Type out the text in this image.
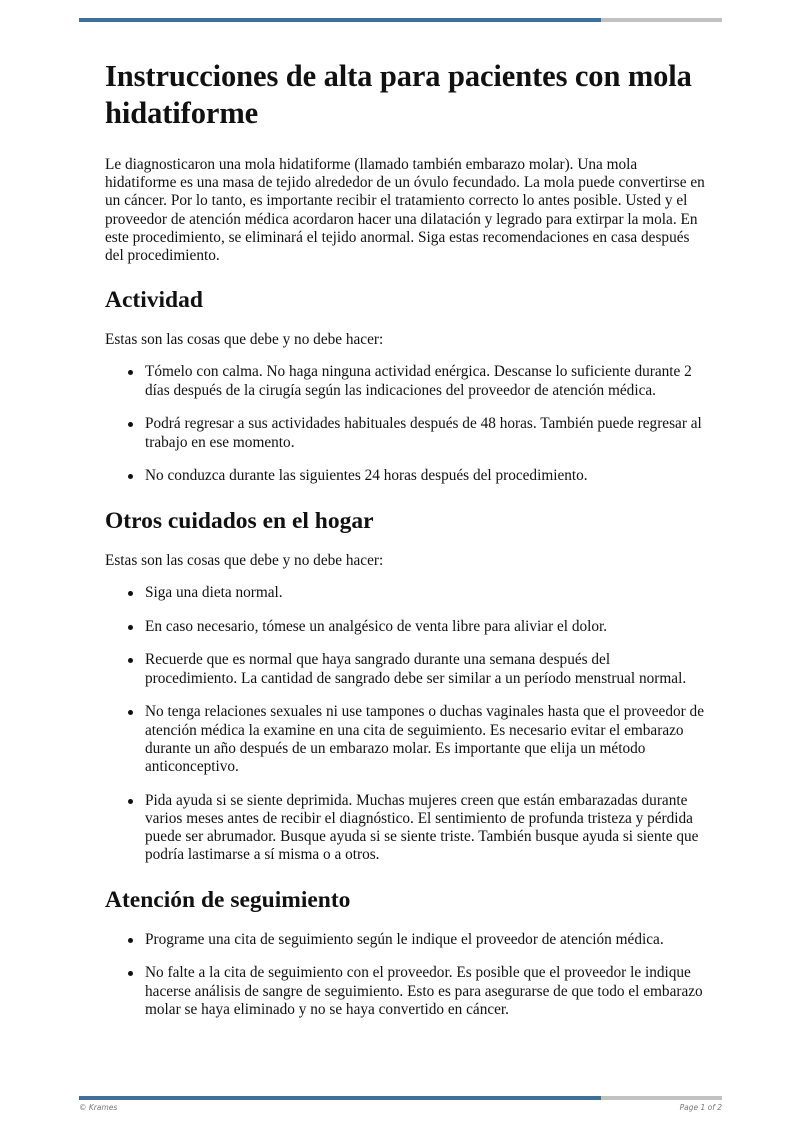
Instrucciones de alta para pacientes con mola hidatiforme

Le diagnosticaron una mola hidatiforme (llamado también embarazo molar). Una mola hidatiforme es una masa de tejido alrededor de un óvulo fecundado. La mola puede convertirse en un cáncer. Por lo tanto, es importante recibir el tratamiento correcto lo antes posible. Usted y el proveedor de atención médica acordaron hacer una dilatación y legrado para extirpar la mola. En este procedimiento, se eliminará el tejido anormal. Siga estas recomendaciones en casa después del procedimiento.

Actividad

Estas son las cosas que debe y no debe hacer:

Tómelo con calma. No haga ninguna actividad enérgica. Descanse lo suficiente durante 2 días después de la cirugía según las indicaciones del proveedor de atención médica.
Podrá regresar a sus actividades habituales después de 48 horas. También puede regresar al trabajo en ese momento.
No conduzca durante las siguientes 24 horas después del procedimiento.
Otros cuidados en el hogar

Estas son las cosas que debe y no debe hacer:

Siga una dieta normal.
En caso necesario, tómese un analgésico de venta libre para aliviar el dolor.
Recuerde que es normal que haya sangrado durante una semana después del procedimiento. La cantidad de sangrado debe ser similar a un período menstrual normal.
No tenga relaciones sexuales ni use tampones o duchas vaginales hasta que el proveedor de atención médica la examine en una cita de seguimiento. Es necesario evitar el embarazo durante un año después de un embarazo molar. Es importante que elija un método anticonceptivo.
Pida ayuda si se siente deprimida. Muchas mujeres creen que están embarazadas durante varios meses antes de recibir el diagnóstico. El sentimiento de profunda tristeza y pérdida puede ser abrumador. Busque ayuda si se siente triste. También busque ayuda si siente que podría lastimarse a sí misma o a otros.
Atención de seguimiento
Programe una cita de seguimiento según le indique el proveedor de atención médica.
No falte a la cita de seguimiento con el proveedor. Es posible que el proveedor le indique hacerse análisis de sangre de seguimiento. Esto es para asegurarse de que todo el embarazo molar se haya eliminado y no se haya convertido en cáncer.
© Krames	Page 1 of 2
